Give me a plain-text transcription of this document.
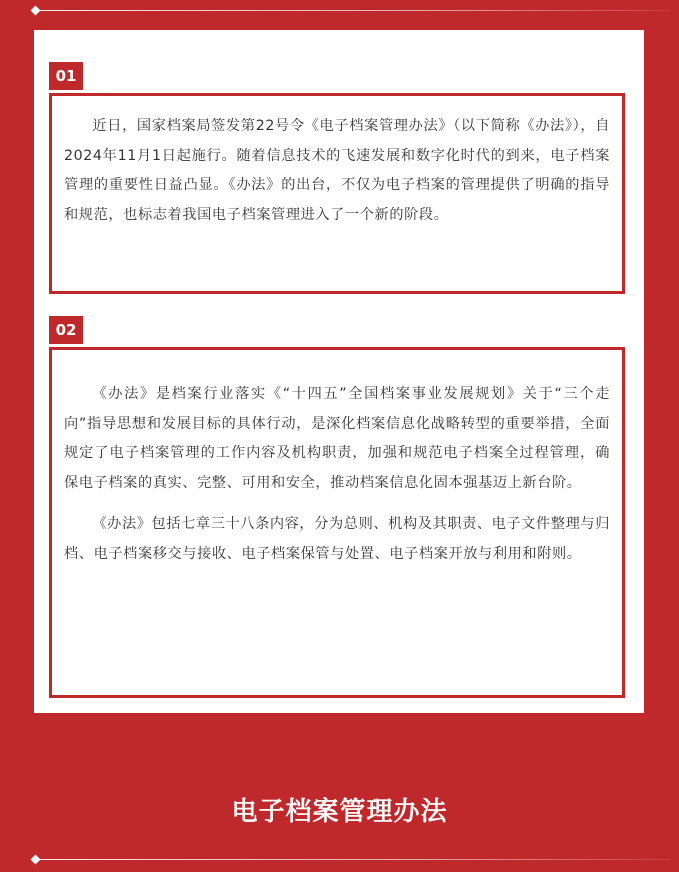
01

近日，国家档案局签发第22号令《电子档案管理办法》（以下简称《办法》），自2024年11月1日起施行。随着信息技术的飞速发展和数字化时代的到来，电子档案管理的重要性日益凸显。《办法》的出台，不仅为电子档案的管理提供了明确的指导和规范，也标志着我国电子档案管理进入了一个新的阶段。

02

《办法》是档案行业落实《“十四五”全国档案事业发展规划》关于“三个走向”指导思想和发展目标的具体行动，是深化档案信息化战略转型的重要举措，全面规定了电子档案管理的工作内容及机构职责，加强和规范电子档案全过程管理，确保电子档案的真实、完整、可用和安全，推动档案信息化固本强基迈上新台阶。

《办法》包括七章三十八条内容，分为总则、机构及其职责、电子文件整理与归档、电子档案移交与接收、电子档案保管与处置、电子档案开放与利用和附则。

电子档案管理办法
